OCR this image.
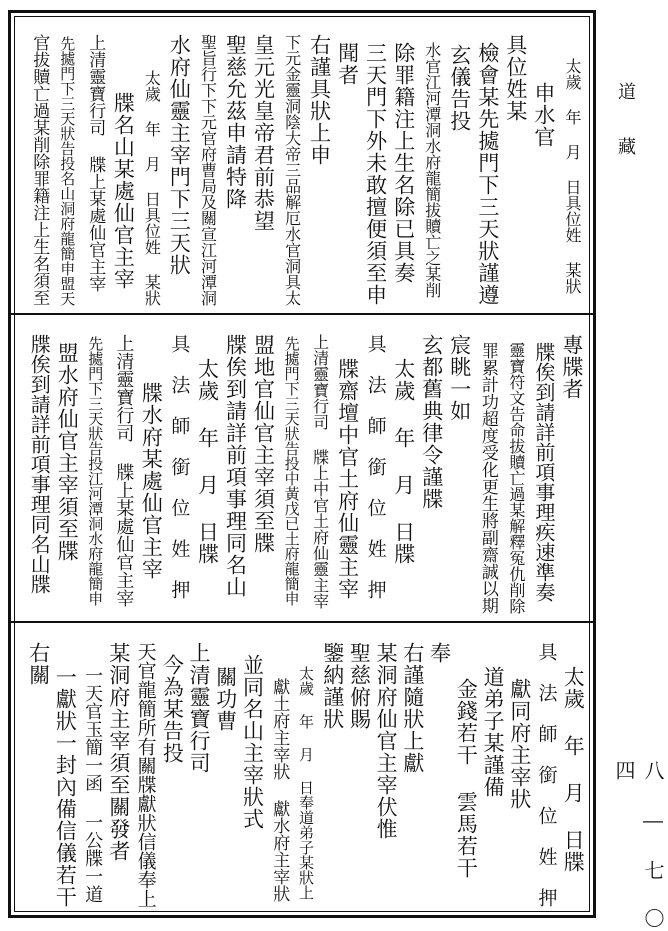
道 藏
八 ― 七 〇 四
太歲 年 月 日具位姓 某狀
申水官
具位姓某
檢會某先㨿門下三天狀謹遵
玄儀告投
水官江河潭洞水府龍簡拔贖亡之某削
除罪籍注上生名除已具奏
三天門下外未敢擅便須至申
聞者
右謹具狀上申
下元金靈洞陰大帝三品解厄水官洞具太
皇元光皇帝君前恭望
聖慈允茲申請特降
聖旨行下下元官府曹局及關宣江河潭洞
水府仙靈主宰門下三天狀
太歲 年 月 日具位姓 某狀
牒名山某處仙官主宰
上清靈寶行司 牒上某處仙官主宰
先㨿門下三天狀告投名山洞府龍簡申盟天
官拔贖亡過某削除罪籍注上生名須至
專牒者
牒俟到請詳前項事理疾速準奏
靈寶符文告命拔贖亡過某解釋冤仇削除
罪累計功超度受化更生將副齋誠以期
宸眺一如
玄都舊典律令謹牒
太歲 年 月 日牒
具 法 師 銜 位 姓 押
牒齋壇中官土府仙靈主宰
上清靈寶行司 牒上中官土府仙靈主宰
先㨿門下三天狀告投中黃戊已土府龍簡申
盟地官仙官主宰須至牒
牒俟到請詳前項事理同名山
太歲 年 月 日牒
具 法 師 銜 位 姓 押
牒水府某處仙官主宰
上清靈寶行司 牒上某處仙官主宰
先㨿門下三天狀告投江河潭洞水府龍簡申
盟水府仙官主宰須至牒
牒俟到請詳前項事理同名山牒
太歲 年 月 日牒
具 法 師 銜 位 姓 押
獻同府主宰狀
道弟子某謹備
金錢若干 雲馬若干
奉
右謹隨狀上獻
某洞府仙官主宰伏惟
聖慈俯賜
鑒納謹狀
太歲 年 月 日奉道弟子某狀上
獻土府主宰狀 獻水府主宰狀
並同名山主宰狀式
關功曹
上清靈寶行司
今為某告投
天官龍簡所有關牒獻狀信儀奉上
某洞府主宰須至關發者
一天官玉簡一函 一公牒一道
一獻狀一封內備信儀若干
右關
